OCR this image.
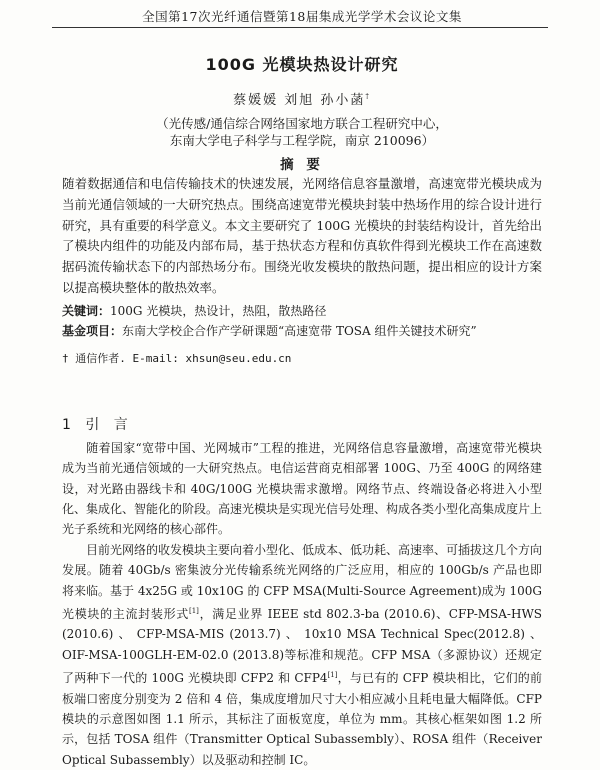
全国第17次光纤通信暨第18届集成光学学术会议论文集
100G 光模块热设计研究
蔡媛媛 刘旭 孙小菡†
（光传感/通信综合网络国家地方联合工程研究中心，
东南大学电子科学与工程学院，南京 210096）
摘 要

随着数据通信和电信传输技术的快速发展，光网络信息容量激增，高速宽带光模块成为当前光通信领域的一大研究热点。围绕高速宽带光模块封装中热场作用的综合设计进行研究，具有重要的科学意义。本文主要研究了 100G 光模块的封装结构设计，首先给出了模块内组件的功能及内部布局，基于热状态方程和仿真软件得到光模块工作在高速数据码流传输状态下的内部热场分布。围绕光收发模块的散热问题，提出相应的设计方案以提高模块整体的散热效率。

关键词：100G 光模块，热设计，热阻，散热路径
基金项目：东南大学校企合作产学研课题“高速宽带 TOSA 组件关键技术研究”
† 通信作者. E-mail: xhsun@seu.edu.cn
1 引 言

随着国家“宽带中国、光网城市”工程的推进，光网络信息容量激增，高速宽带光模块成为当前光通信领域的一大研究热点。电信运营商克相部署 100G、乃至 400G 的网络建设，对光路由器线卡和 40G/100G 光模块需求激增。网络节点、终端设备必将进入小型化、集成化、智能化的阶段。高速光模块是实现光信号处理、构成各类小型化高集成度片上光子系统和光网络的核心部件。

目前光网络的收发模块主要向着小型化、低成本、低功耗、高速率、可插拔这几个方向发展。随着 40Gb/s 密集波分光传输系统光网络的广泛应用，相应的 100Gb/s 产品也即将来临。基于 4x25G 或 10x10G 的 CFP MSA(Multi-Source Agreement)成为 100G 光模块的主流封装形式[1]，满足业界 IEEE std 802.3-ba (2010.6)、CFP-MSA-HWS (2010.6) 、 CFP-MSA-MIS (2013.7) 、 10x10 MSA Technical Spec(2012.8) 、 OIF-MSA-100GLH-EM-02.0 (2013.8)等标准和规范。CFP MSA（多源协议）还规定了两种下一代的 100G 光模块即 CFP2 和 CFP4[1]，与已有的 CFP 模块相比，它们的前板端口密度分别变为 2 倍和 4 倍，集成度增加尺寸大小相应减小且耗电量大幅降低。CFP 模块的示意图如图 1.1 所示，其标注了面板宽度，单位为 mm。其核心框架如图 1.2 所示，包括 TOSA 组件（Transmitter Optical Subassembly）、ROSA 组件（Receiver Optical Subassembly）以及驱动和控制 IC。
